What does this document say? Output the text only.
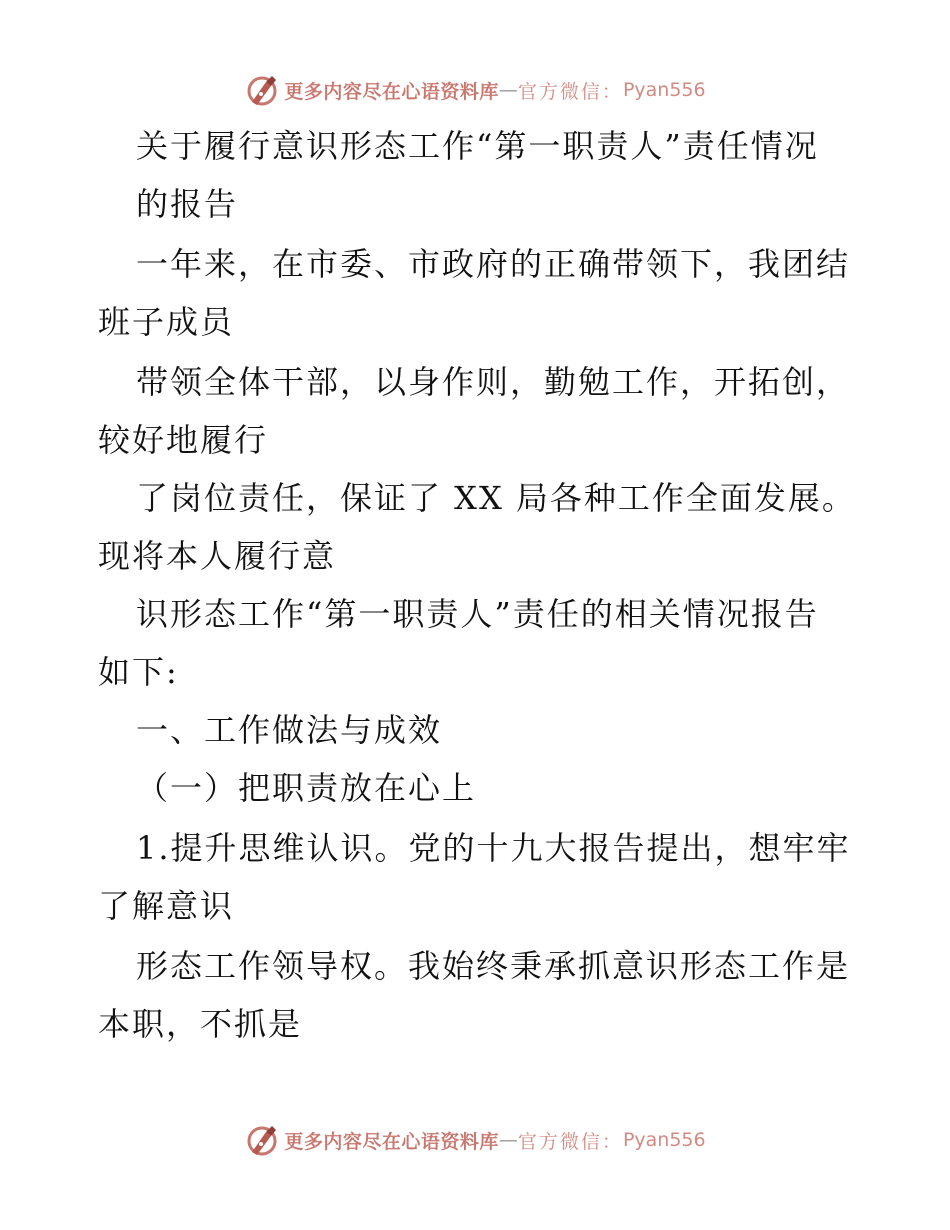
更多内容尽在心语资料库 — 官方微信： Pyan556
关于履行意识形态工作“第一职责人”责任情况
的报告
一年来，在市委、市政府的正确带领下，我团结
班子成员
带领全体干部，以身作则，勤勉工作，开拓创，
较好地履行
了岗位责任，保证了 XX 局各种工作全面发展。
现将本人履行意
识形态工作“第一职责人”责任的相关情况报告
如下:
一、工作做法与成效
（一）把职责放在心上
1.提升思维认识。党的十九大报告提出，想牢牢
了解意识
形态工作领导权。我始终秉承抓意识形态工作是
本职，不抓是
更多内容尽在心语资料库 — 官方微信： Pyan556
